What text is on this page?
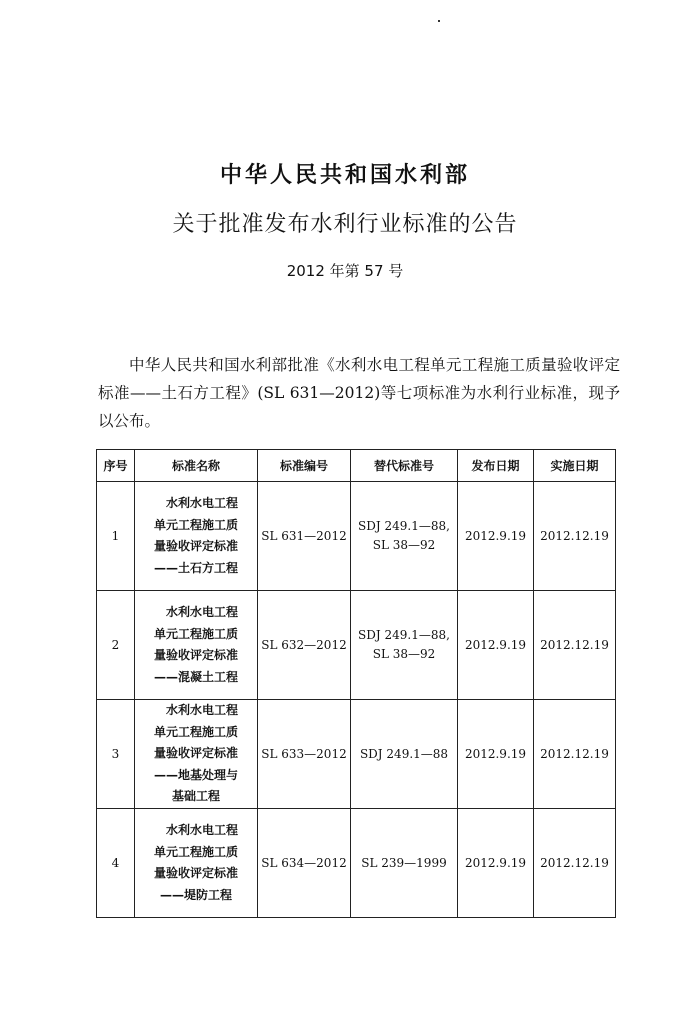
中华人民共和国水利部
关于批准发布水利行业标准的公告
2012 年第 57 号

中华人民共和国水利部批准《水利水电工程单元工程施工质量验收评定标准——土石方工程》(SL 631—2012)等七项标准为水利行业标准，现予以公布。

序号	标准名称	标准编号	替代标准号	发布日期	实施日期
1	水利水电工程
单元工程施工质
量验收评定标准
——土石方工程	SL 631—2012	SDJ 249.1—88,
SL 38—92	2012.9.19	2012.12.19
2	水利水电工程
单元工程施工质
量验收评定标准
——混凝土工程	SL 632—2012	SDJ 249.1—88,
SL 38—92	2012.9.19	2012.12.19
3	水利水电工程
单元工程施工质
量验收评定标准
——地基处理与
基础工程	SL 633—2012	SDJ 249.1—88	2012.9.19	2012.12.19
4	水利水电工程
单元工程施工质
量验收评定标准
——堤防工程	SL 634—2012	SL 239—1999	2012.9.19	2012.12.19
